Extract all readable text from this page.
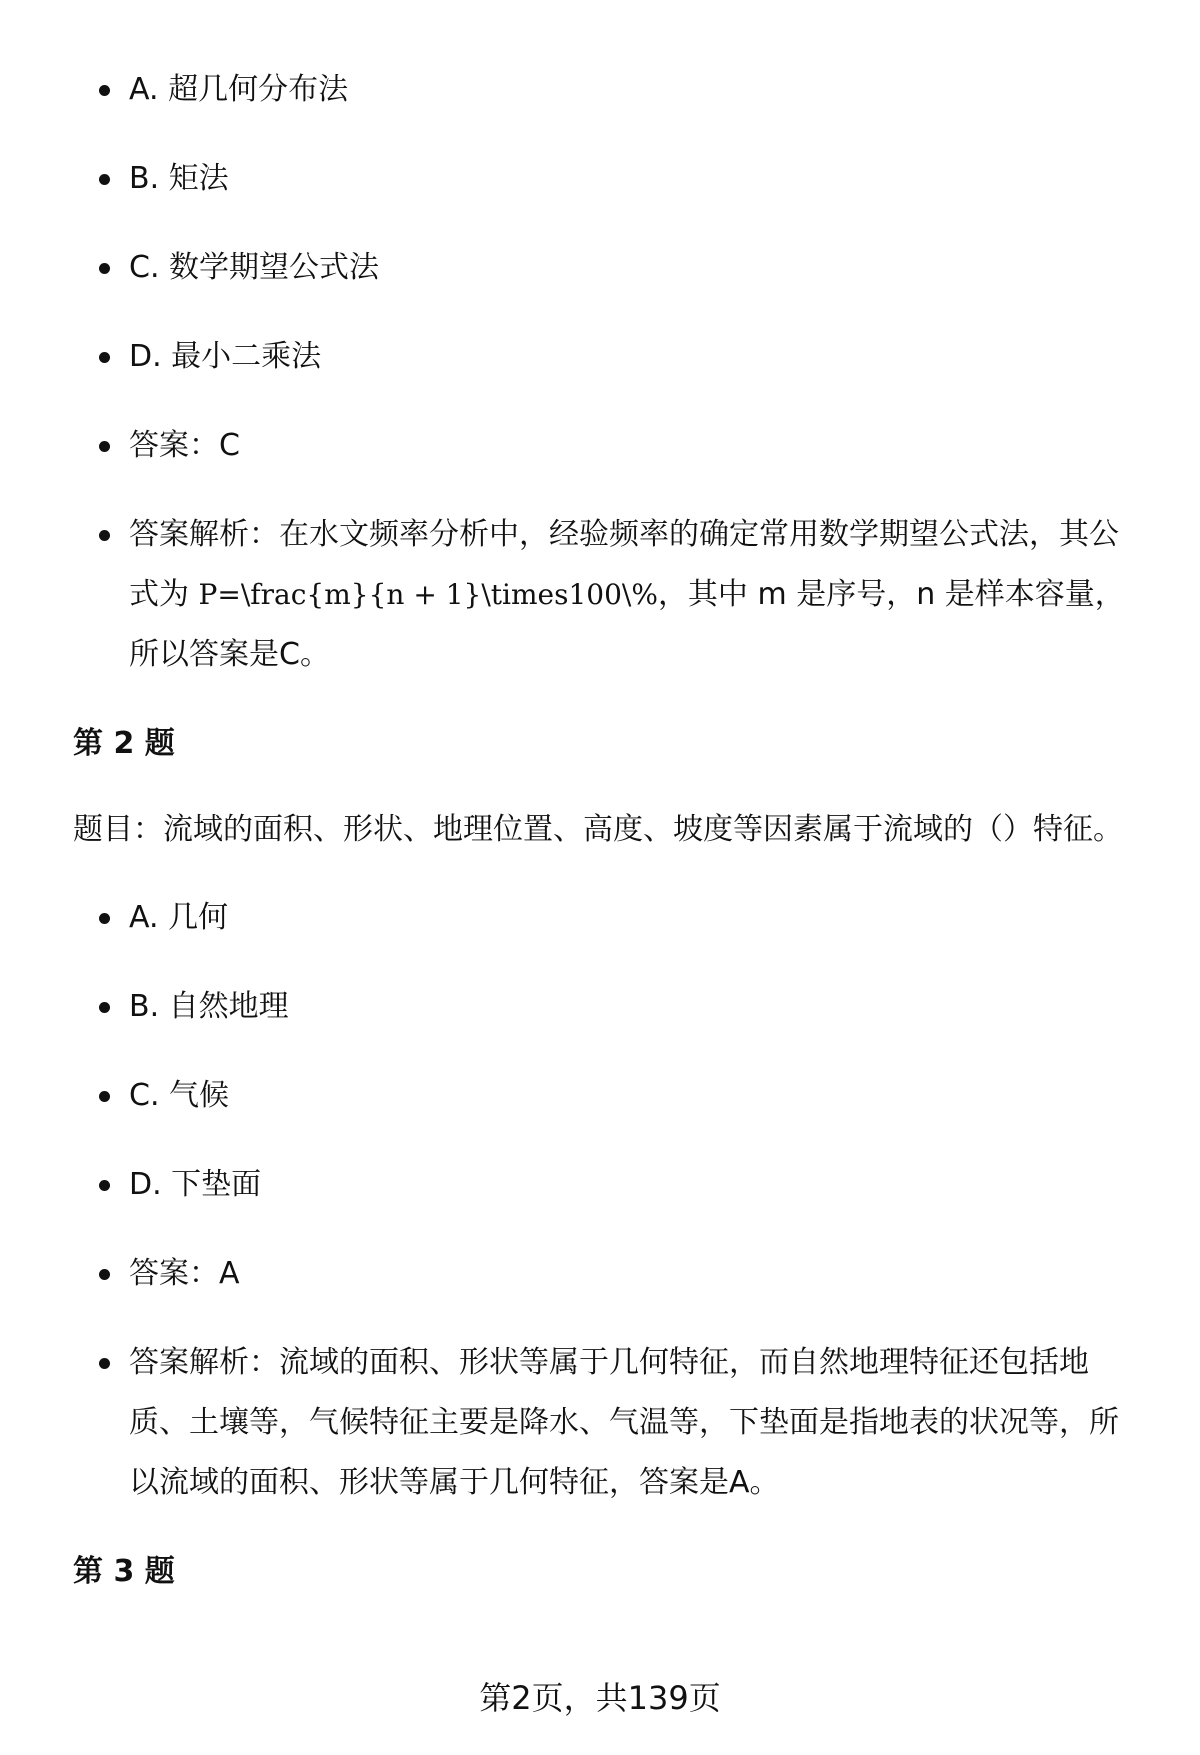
A. 超几何分布法
B. 矩法
C. 数学期望公式法
D. 最小二乘法
答案：C
答案解析：在水文频率分析中，经验频率的确定常用数学期望公式法，其公式为 P=\frac{m}{n + 1}\times100\%，其中 m 是序号，n 是样本容量，所以答案是C。
第 2 题

题目：流域的面积、形状、地理位置、高度、坡度等因素属于流域的（）特征。

A. 几何
B. 自然地理
C. 气候
D. 下垫面
答案：A
答案解析：流域的面积、形状等属于几何特征，而自然地理特征还包括地质、土壤等，气候特征主要是降水、气温等，下垫面是指地表的状况等，所以流域的面积、形状等属于几何特征，答案是A。
第 3 题
第2页，共139页
